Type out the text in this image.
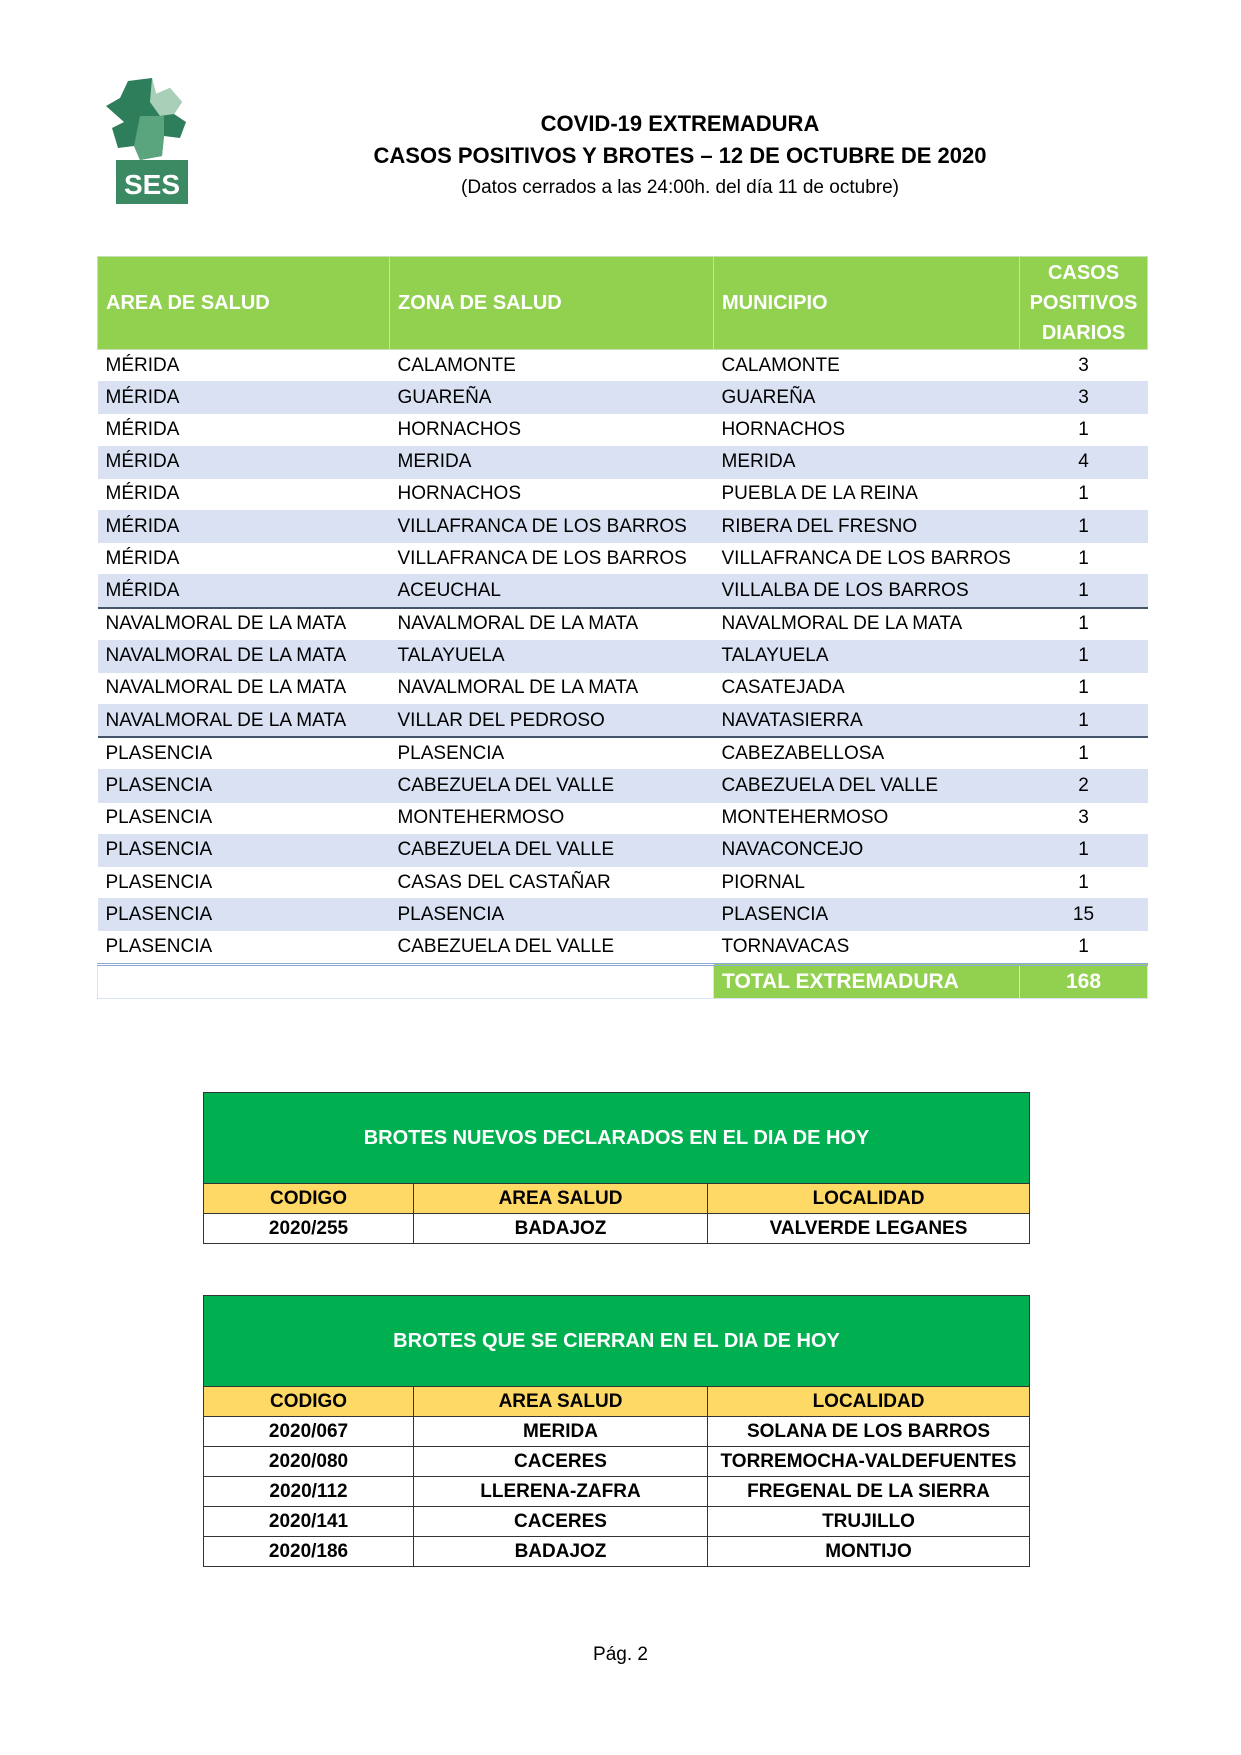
SES
COVID-19 EXTREMADURA
CASOS POSITIVOS Y BROTES – 12 DE OCTUBRE DE 2020
(Datos cerrados a las 24:00h. del día 11 de octubre)
AREA DE SALUD	ZONA DE SALUD	MUNICIPIO	CASOS
POSITIVOS
DIARIOS
MÉRIDA	CALAMONTE	CALAMONTE	3
MÉRIDA	GUAREÑA	GUAREÑA	3
MÉRIDA	HORNACHOS	HORNACHOS	1
MÉRIDA	MERIDA	MERIDA	4
MÉRIDA	HORNACHOS	PUEBLA DE LA REINA	1
MÉRIDA	VILLAFRANCA DE LOS BARROS	RIBERA DEL FRESNO	1
MÉRIDA	VILLAFRANCA DE LOS BARROS	VILLAFRANCA DE LOS BARROS	1
MÉRIDA	ACEUCHAL	VILLALBA DE LOS BARROS	1
NAVALMORAL DE LA MATA	NAVALMORAL DE LA MATA	NAVALMORAL DE LA MATA	1
NAVALMORAL DE LA MATA	TALAYUELA	TALAYUELA	1
NAVALMORAL DE LA MATA	NAVALMORAL DE LA MATA	CASATEJADA	1
NAVALMORAL DE LA MATA	VILLAR DEL PEDROSO	NAVATASIERRA	1
PLASENCIA	PLASENCIA	CABEZABELLOSA	1
PLASENCIA	CABEZUELA DEL VALLE	CABEZUELA DEL VALLE	2
PLASENCIA	MONTEHERMOSO	MONTEHERMOSO	3
PLASENCIA	CABEZUELA DEL VALLE	NAVACONCEJO	1
PLASENCIA	CASAS DEL CASTAÑAR	PIORNAL	1
PLASENCIA	PLASENCIA	PLASENCIA	15
PLASENCIA	CABEZUELA DEL VALLE	TORNAVACAS	1
		TOTAL EXTREMADURA	168
BROTES NUEVOS DECLARADOS EN EL DIA DE HOY		
CODIGO	AREA SALUD	LOCALIDAD
2020/255	BADAJOZ	VALVERDE LEGANES
BROTES QUE SE CIERRAN EN EL DIA DE HOY		
CODIGO	AREA SALUD	LOCALIDAD
2020/067	MERIDA	SOLANA DE LOS BARROS
2020/080	CACERES	TORREMOCHA-VALDEFUENTES
2020/112	LLERENA-ZAFRA	FREGENAL DE LA SIERRA
2020/141	CACERES	TRUJILLO
2020/186	BADAJOZ	MONTIJO
Pág. 2
